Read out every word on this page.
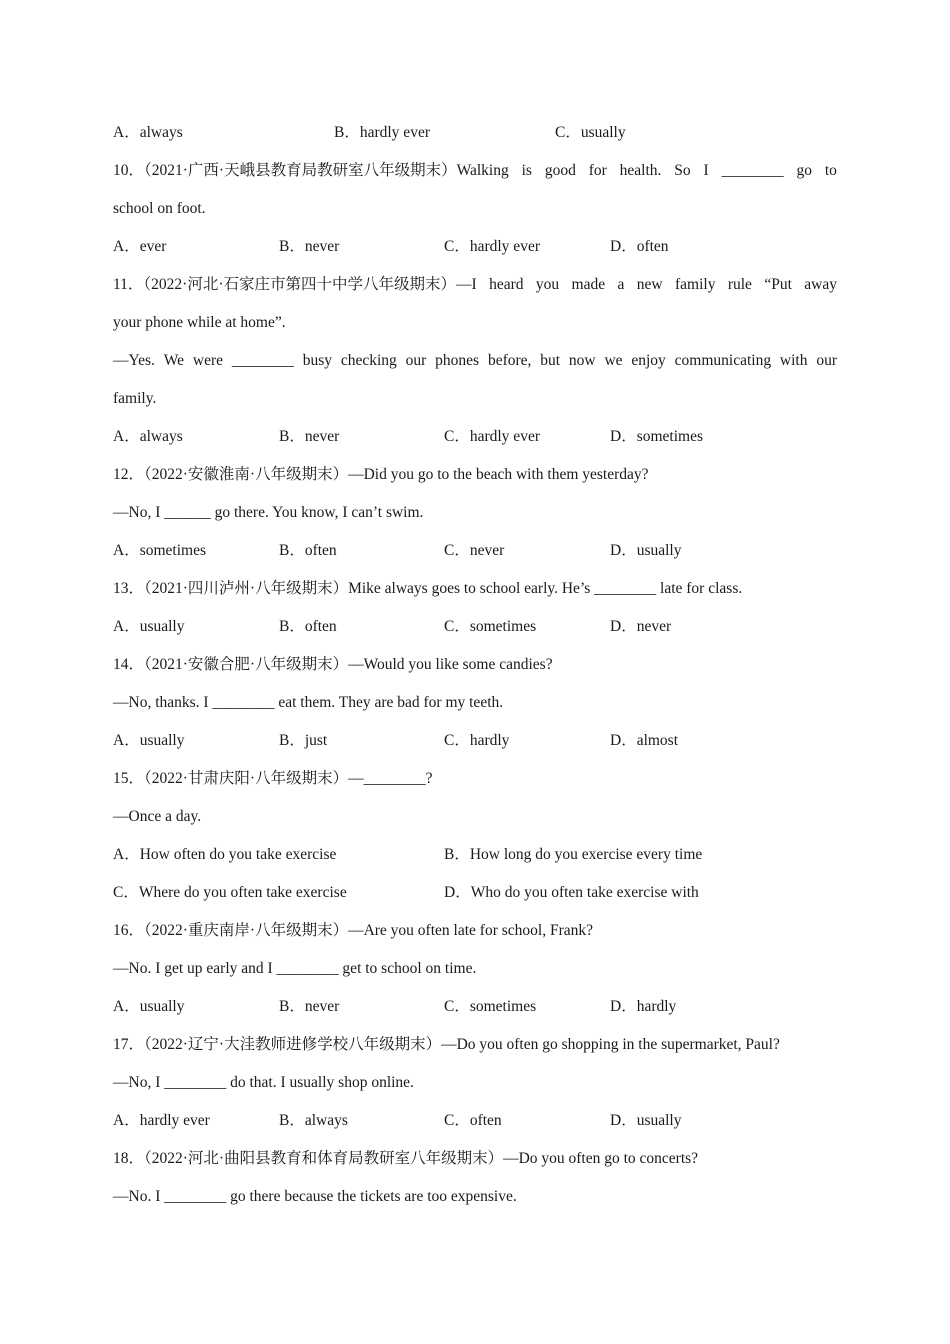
A．always	B．hardly ever	C．usually
10．（2021·广西·天峨县教育局教研室八年级期末）Walking is good for health. So I ________ go to
school on foot.
A．ever	B．never	C．hardly ever	D．often
11．（2022·河北·石家庄市第四十中学八年级期末）—I heard you made a new family rule “Put away
your phone while at home”.
—Yes. We were ________ busy checking our phones before, but now we enjoy communicating with our
family.
A．always	B．never	C．hardly ever	D．sometimes
12．（2022·安徽淮南·八年级期末）—Did you go to the beach with them yesterday?
—No, I ______ go there. You know, I can’t swim.
A．sometimes	B．often	C．never	D．usually
13．（2021·四川泸州·八年级期末）Mike always goes to school early. He’s ________ late for class.
A．usually	B．often	C．sometimes	D．never
14．（2021·安徽合肥·八年级期末）—Would you like some candies?
—No, thanks. I ________ eat them. They are bad for my teeth.
A．usually	B．just	C．hardly	D．almost
15．（2022·甘肃庆阳·八年级期末）—________?
—Once a day.
A．How often do you take exercise	B．How long do you exercise every time
C．Where do you often take exercise	D．Who do you often take exercise with
16．（2022·重庆南岸·八年级期末）—Are you often late for school, Frank?
—No. I get up early and I ________ get to school on time.
A．usually	B．never	C．sometimes	D．hardly
17．（2022·辽宁·大洼教师进修学校八年级期末）—Do you often go shopping in the supermarket, Paul?
—No, I ________ do that. I usually shop online.
A．hardly ever	B．always	C．often	D．usually
18．（2022·河北·曲阳县教育和体育局教研室八年级期末）—Do you often go to concerts?
—No. I ________ go there because the tickets are too expensive.
